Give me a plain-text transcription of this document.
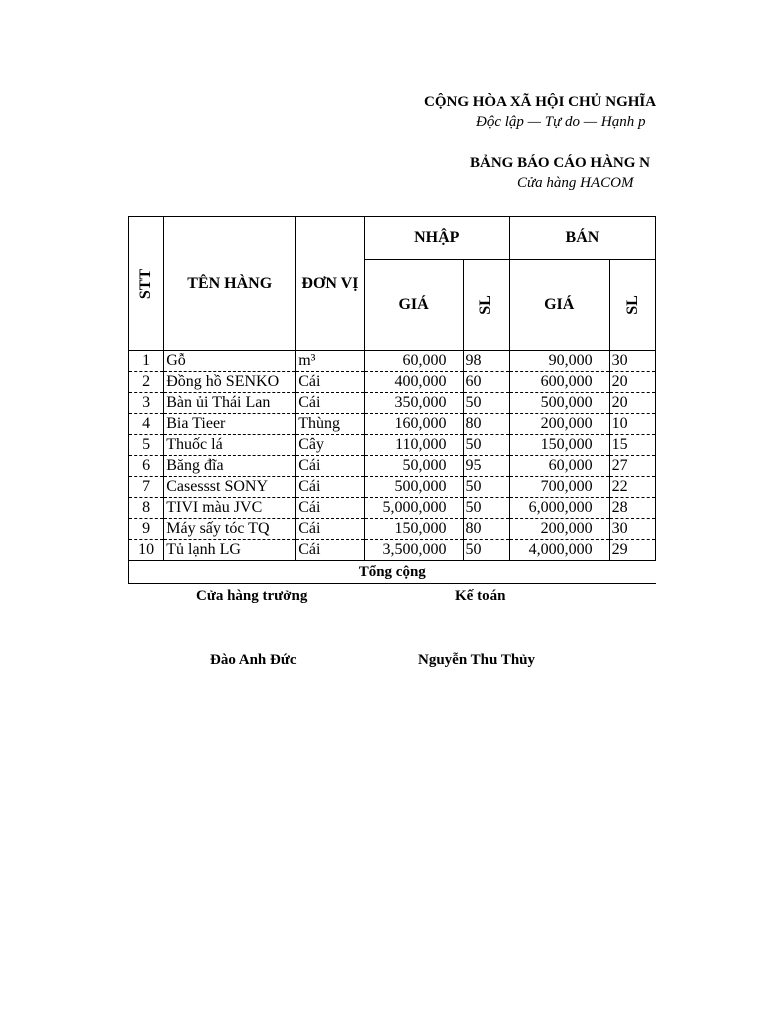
CỘNG HÒA XÃ HỘI CHỦ NGHĨA
Độc lập — Tự do — Hạnh p
BẢNG BÁO CÁO HÀNG N
Cửa hàng HACOM
STT	TÊN HÀNG	ĐƠN VỊ	NHẬP		BÁN	
			GIÁ	SL	GIÁ	SL
1	Gỗ	m³	60,000	98	90,000	30
2	Đồng hồ SENKO	Cái	400,000	60	600,000	20
3	Bàn ủi Thái Lan	Cái	350,000	50	500,000	20
4	Bia Tieer	Thùng	160,000	80	200,000	10
5	Thuốc lá	Cây	110,000	50	150,000	15
6	Băng đĩa	Cái	50,000	95	60,000	27
7	Casessst SONY	Cái	500,000	50	700,000	22
8	TIVI màu JVC	Cái	5,000,000	50	6,000,000	28
9	Máy sấy tóc TQ	Cái	150,000	80	200,000	30
10	Tủ lạnh LG	Cái	3,500,000	50	4,000,000	29
Tổng cộng						
Cửa hàng trưởng	Kế toán
Đào Anh Đức	Nguyễn Thu Thủy
